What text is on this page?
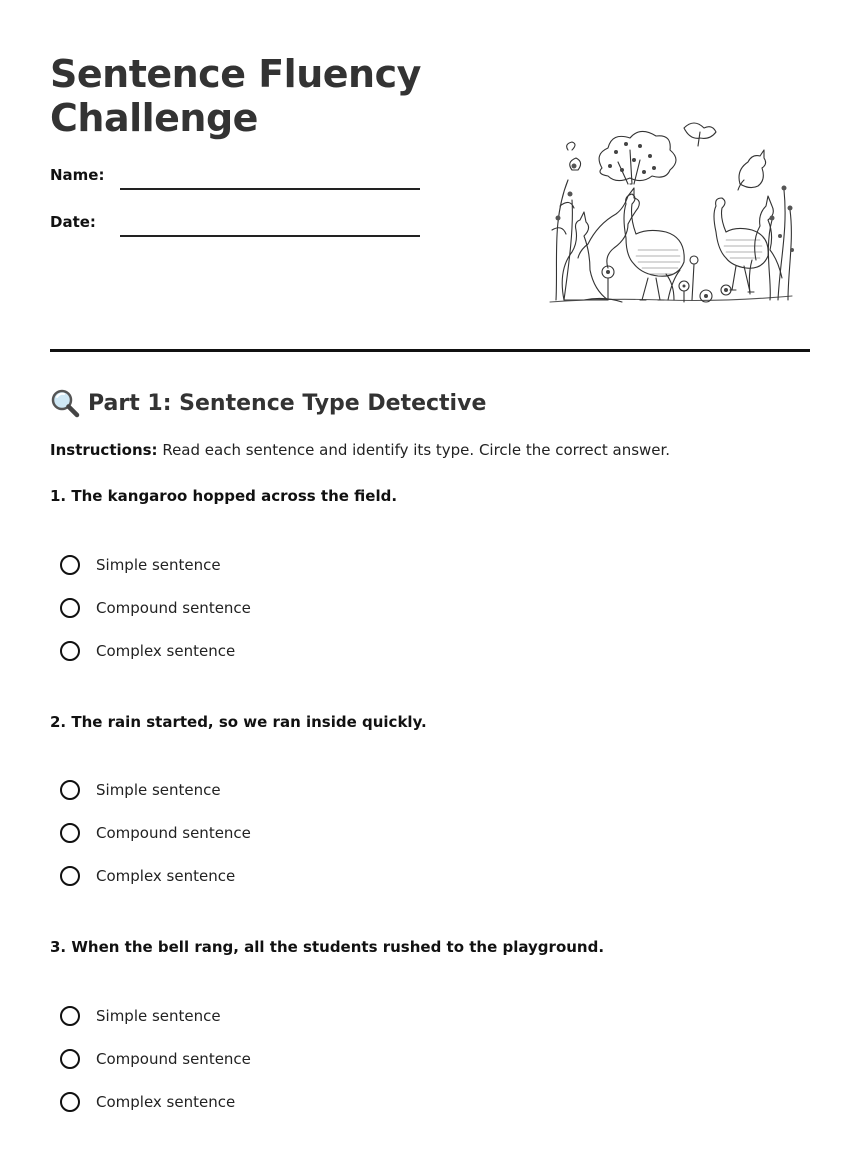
Sentence Fluency Challenge
Name:
Date:
Part 1: Sentence Type Detective
Instructions: Read each sentence and identify its type. Circle the correct answer.

1. The kangaroo hopped across the field.

Simple sentence
Compound sentence
Complex sentence

2. The rain started, so we ran inside quickly.

Simple sentence
Compound sentence
Complex sentence

3. When the bell rang, all the students rushed to the playground.

Simple sentence
Compound sentence
Complex sentence
